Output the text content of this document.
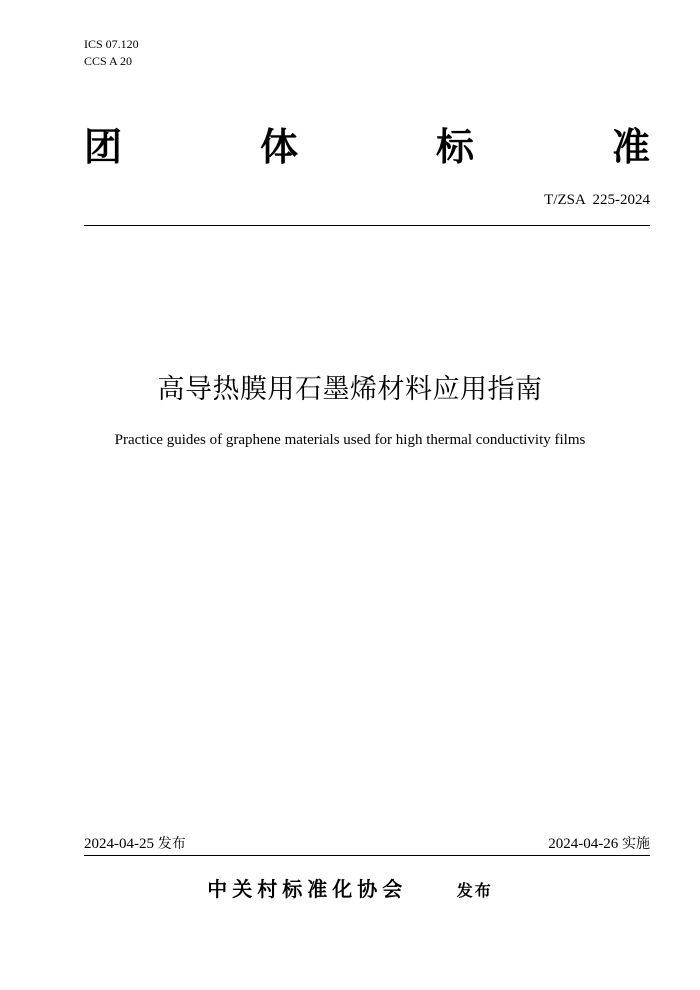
ICS 07.120
CCS A 20
团	体	标	准
T/ZSA  225-2024
高导热膜用石墨烯材料应用指南
Practice guides of graphene materials used for high thermal conductivity films
2024-04-25 发布	2024-04-26 实施
中关村标准化协会	发布
